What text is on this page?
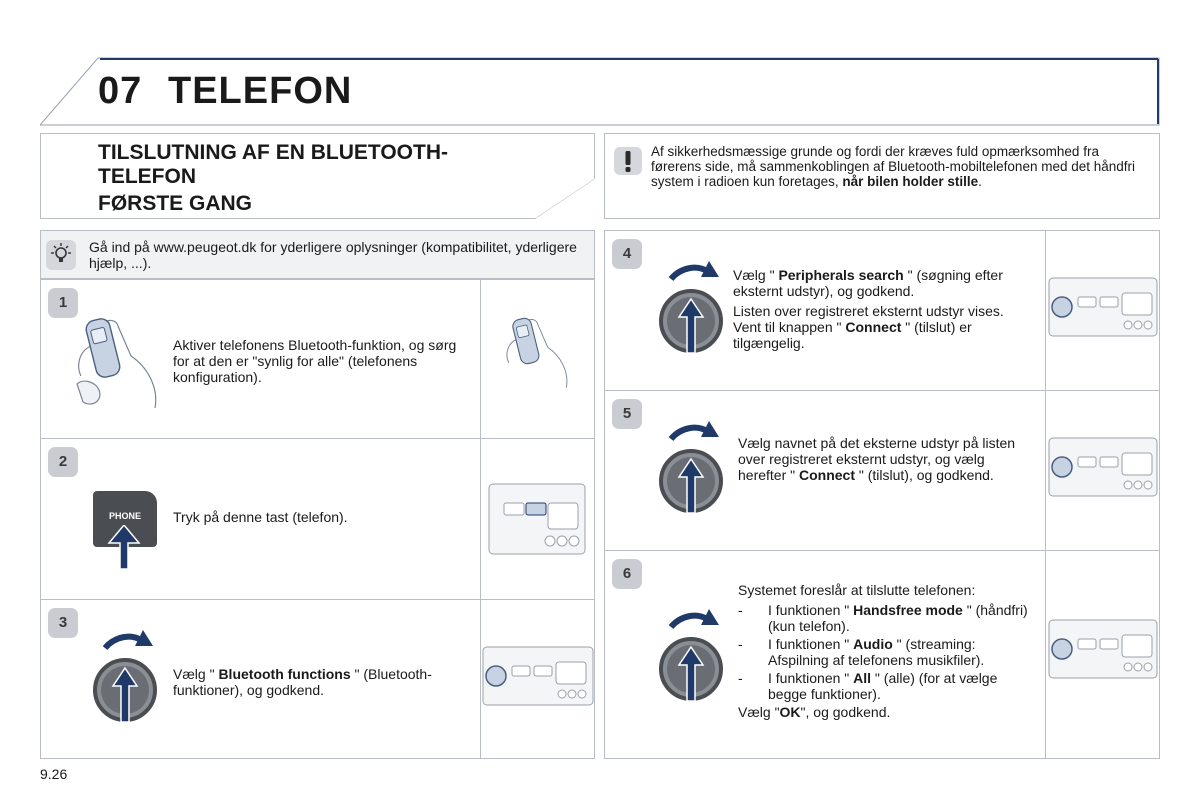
07 TELEFON
TILSLUTNING AF EN BLUETOOTH-TELEFON
FØRSTE GANG
Af sikkerhedsmæssige grunde og fordi der kræves fuld opmærksomhed fra førerens side, må sammenkoblingen af Bluetooth-mobiltelefonen med det håndfri system i radioen kun foretages, når bilen holder stille.
Gå ind på www.peugeot.dk for yderligere oplysninger (kompatibilitet, yderligere hjælp, ...).
1
Aktiver telefonens Bluetooth-funktion, og sørg for at den er "synlig for alle" (telefonens konfiguration).
2
PHONE	Tryk på denne tast (telefon).
3
Vælg " Bluetooth functions " (Bluetooth-funktioner), og godkend.
4

Vælg " Peripherals search " (søgning efter eksternt udstyr), og godkend.

Listen over registreret eksternt udstyr vises. Vent til knappen " Connect " (tilslut) er tilgængelig.

5
Vælg navnet på det eksterne udstyr på listen over registreret eksternt udstyr, og vælg herefter " Connect " (tilslut), og godkend.
6

Systemet foreslår at tilslutte telefonen:

-	I funktionen " Handsfree mode " (håndfri) (kun telefon).
-	I funktionen " Audio " (streaming: Afspilning af telefonens musikfiler).
-	I funktionen " All " (alle) (for at vælge begge funktioner).

Vælg "OK", og godkend.

9.26
